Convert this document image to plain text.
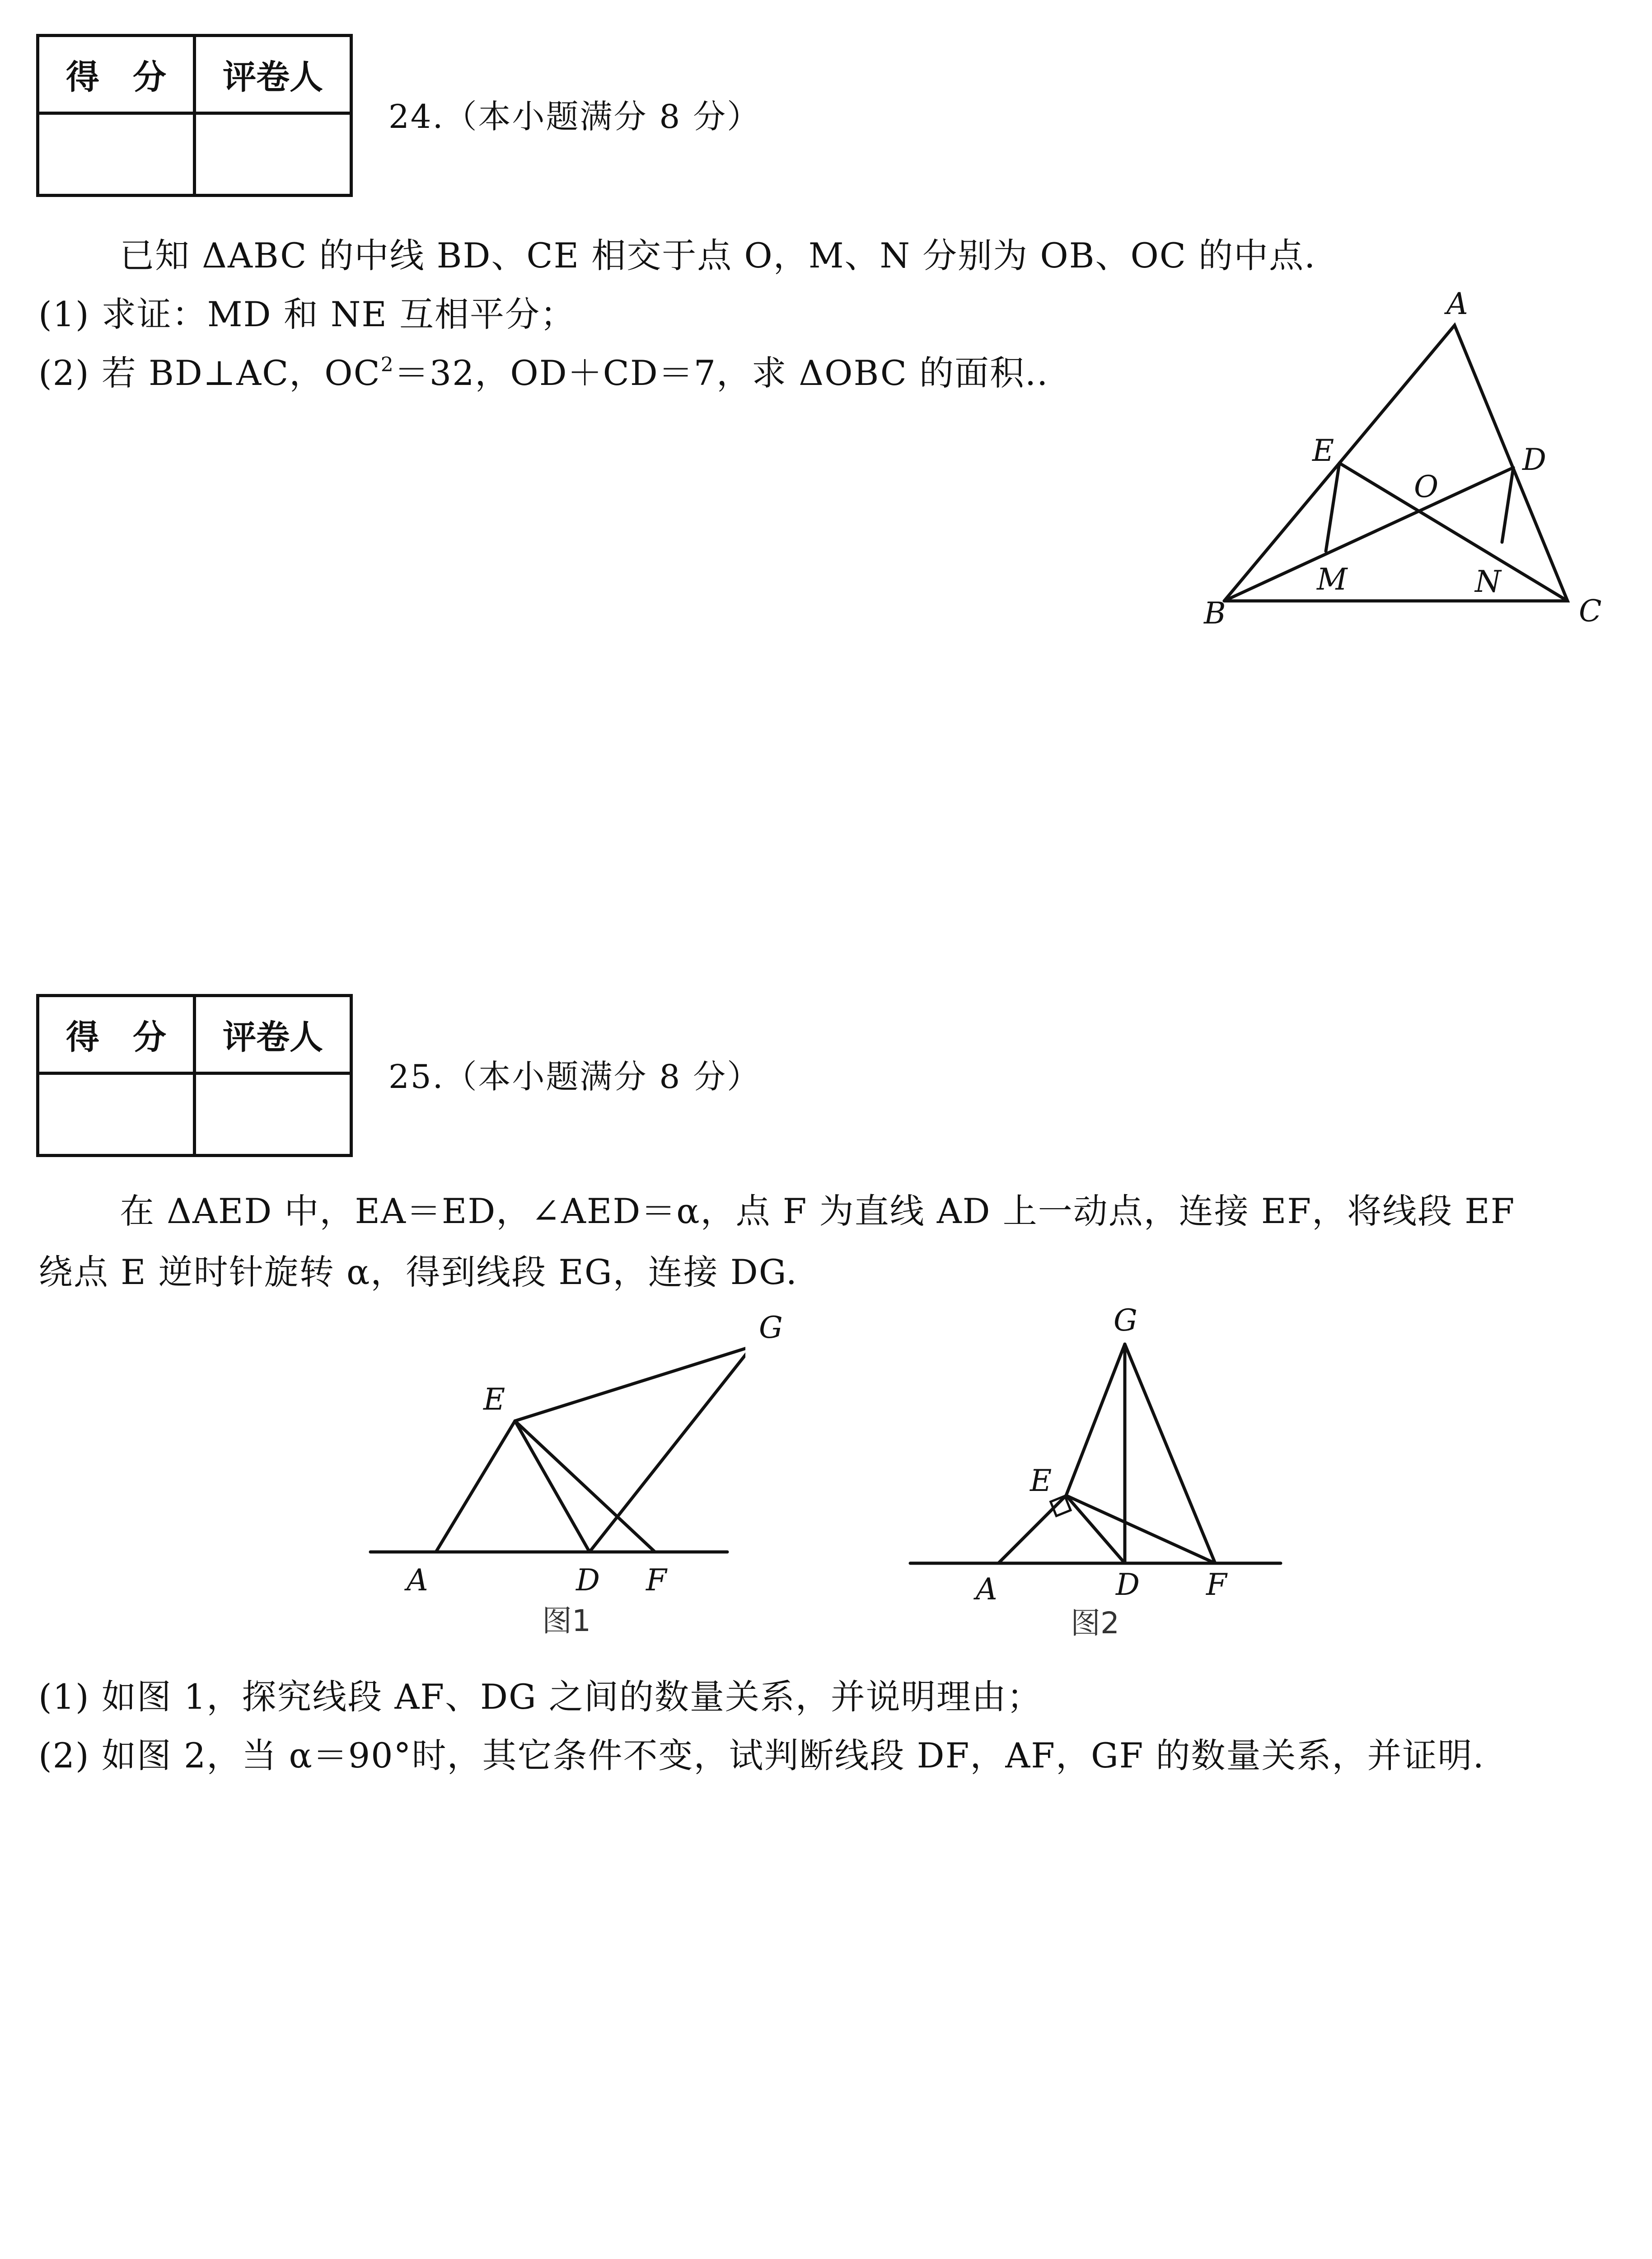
得　分	评卷人

24.（本小题满分 8 分）
已知 ΔABC 的中线 BD、CE 相交于点 O，M、N 分别为 OB、OC 的中点.
(1) 求证：MD 和 NE 互相平分；
(2) 若 BD⊥AC，$OC^2=32$，OD＋CD＝7，求 ΔOBC 的面积..
A
B	C
D
E
O
M	N
得　分	评卷人

25.（本小题满分 8 分）
在 ΔAED 中，EA＝ED，∠AED＝α，点 F 为直线 AD 上一动点，连接 EF，将线段 EF
绕点 E 逆时针旋转 α，得到线段 EG，连接 DG.
E
A	D F
图1
G	G
E
A	D F
图2
(1) 如图 1，探究线段 AF、DG 之间的数量关系，并说明理由；
(2) 如图 2，当 α＝90°时，其它条件不变，试判断线段 DF，AF，GF 的数量关系，并证明.
